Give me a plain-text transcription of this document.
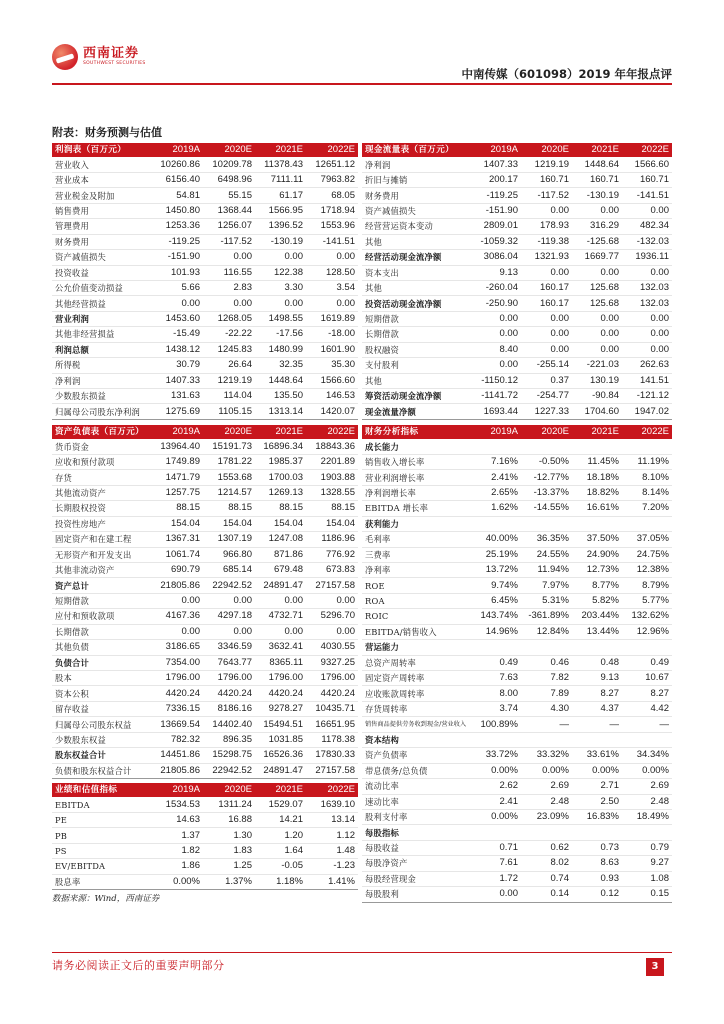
西南证券
SOUTHWEST SECURITIES
中南传媒（601098）2019 年年报点评
附表：财务预测与估值
利润表（百万元）	2019A	2020E	2021E	2022E
营业收入	10260.86	10209.78	11378.43	12651.12
营业成本	6156.40	6498.96	7111.11	7963.82
营业税金及附加	54.81	55.15	61.17	68.05
销售费用	1450.80	1368.44	1566.95	1718.94
管理费用	1253.36	1256.07	1396.52	1553.96
财务费用	-119.25	-117.52	-130.19	-141.51
资产减值损失	-151.90	0.00	0.00	0.00
投资收益	101.93	116.55	122.38	128.50
公允价值变动损益	5.66	2.83	3.30	3.54
其他经营损益	0.00	0.00	0.00	0.00
营业利润	1453.60	1268.05	1498.55	1619.89
其他非经营损益	-15.49	-22.22	-17.56	-18.00
利润总额	1438.12	1245.83	1480.99	1601.90
所得税	30.79	26.64	32.35	35.30
净利润	1407.33	1219.19	1448.64	1566.60
少数股东损益	131.63	114.04	135.50	146.53
归属母公司股东净利润	1275.69	1105.15	1313.14	1420.07
现金流量表（百万元）	2019A	2020E	2021E	2022E
净利润	1407.33	1219.19	1448.64	1566.60
折旧与摊销	200.17	160.71	160.71	160.71
财务费用	-119.25	-117.52	-130.19	-141.51
资产减值损失	-151.90	0.00	0.00	0.00
经营营运资本变动	2809.01	178.93	316.29	482.34
其他	-1059.32	-119.38	-125.68	-132.03
经营活动现金流净额	3086.04	1321.93	1669.77	1936.11
资本支出	9.13	0.00	0.00	0.00
其他	-260.04	160.17	125.68	132.03
投资活动现金流净额	-250.90	160.17	125.68	132.03
短期借款	0.00	0.00	0.00	0.00
长期借款	0.00	0.00	0.00	0.00
股权融资	8.40	0.00	0.00	0.00
支付股利	0.00	-255.14	-221.03	262.63
其他	-1150.12	0.37	130.19	141.51
筹资活动现金流净额	-1141.72	-254.77	-90.84	-121.12
现金流量净额	1693.44	1227.33	1704.60	1947.02
资产负债表（百万元）	2019A	2020E	2021E	2022E
货币资金	13964.40	15191.73	16896.34	18843.36
应收和预付款项	1749.89	1781.22	1985.37	2201.89
存货	1471.79	1553.68	1700.03	1903.88
其他流动资产	1257.75	1214.57	1269.13	1328.55
长期股权投资	88.15	88.15	88.15	88.15
投资性房地产	154.04	154.04	154.04	154.04
固定资产和在建工程	1367.31	1307.19	1247.08	1186.96
无形资产和开发支出	1061.74	966.80	871.86	776.92
其他非流动资产	690.79	685.14	679.48	673.83
资产总计	21805.86	22942.52	24891.47	27157.58
短期借款	0.00	0.00	0.00	0.00
应付和预收款项	4167.36	4297.18	4732.71	5296.70
长期借款	0.00	0.00	0.00	0.00
其他负债	3186.65	3346.59	3632.41	4030.55
负债合计	7354.00	7643.77	8365.11	9327.25
股本	1796.00	1796.00	1796.00	1796.00
资本公积	4420.24	4420.24	4420.24	4420.24
留存收益	7336.15	8186.16	9278.27	10435.71
归属母公司股东权益	13669.54	14402.40	15494.51	16651.95
少数股东权益	782.32	896.35	1031.85	1178.38
股东权益合计	14451.86	15298.75	16526.36	17830.33
负债和股东权益合计	21805.86	22942.52	24891.47	27157.58
业绩和估值指标	2019A	2020E	2021E	2022E
EBITDA	1534.53	1311.24	1529.07	1639.10
PE	14.63	16.88	14.21	13.14
PB	1.37	1.30	1.20	1.12
PS	1.82	1.83	1.64	1.48
EV/EBITDA	1.86	1.25	-0.05	-1.23
股息率	0.00%	1.37%	1.18%	1.41%
财务分析指标	2019A	2020E	2021E	2022E
成长能力				
销售收入增长率	7.16%	-0.50%	11.45%	11.19%
营业利润增长率	2.41%	-12.77%	18.18%	8.10%
净利润增长率	2.65%	-13.37%	18.82%	8.14%
EBITDA 增长率	1.62%	-14.55%	16.61%	7.20%
获利能力				
毛利率	40.00%	36.35%	37.50%	37.05%
三费率	25.19%	24.55%	24.90%	24.75%
净利率	13.72%	11.94%	12.73%	12.38%
ROE	9.74%	7.97%	8.77%	8.79%
ROA	6.45%	5.31%	5.82%	5.77%
ROIC	143.74%	-361.89%	203.44%	132.62%
EBITDA/销售收入	14.96%	12.84%	13.44%	12.96%
营运能力				
总资产周转率	0.49	0.46	0.48	0.49
固定资产周转率	7.63	7.82	9.13	10.67
应收账款周转率	8.00	7.89	8.27	8.27
存货周转率	3.74	4.30	4.37	4.42
销售商品提供劳务收到现金/营业收入	100.89%	—	—	—
资本结构				
资产负债率	33.72%	33.32%	33.61%	34.34%
带息债务/总负债	0.00%	0.00%	0.00%	0.00%
流动比率	2.62	2.69	2.71	2.69
速动比率	2.41	2.48	2.50	2.48
股利支付率	0.00%	23.09%	16.83%	18.49%
每股指标				
每股收益	0.71	0.62	0.73	0.79
每股净资产	7.61	8.02	8.63	9.27
每股经营现金	1.72	0.74	0.93	1.08
每股股利	0.00	0.14	0.12	0.15
数据来源：Wind，西南证券
请务必阅读正文后的重要声明部分	3
